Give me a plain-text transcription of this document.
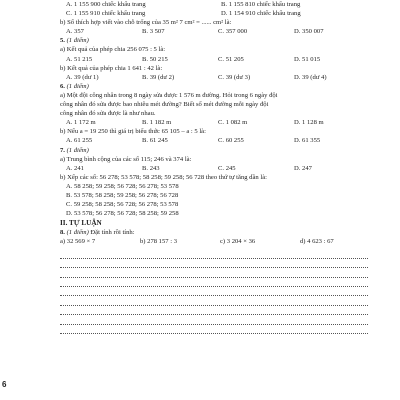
A. 1 155 900 chiếc khẩu trang	B. 1 155 810 chiếc khẩu trang
C. 1 155 910 chiếc khẩu trang	D. 1 154 910 chiếc khẩu trang
b) Số thích hợp viết vào chỗ trống của 35 m² 7 cm² = ...... cm² là:
A. 357	B. 3 507	C. 357 000	D. 350 007
5. (1 điểm)
a) Kết quả của phép chia 256 075 : 5 là:
A. 51 215	B. 50 215	C. 51 205	D. 51 015
b) Kết quả của phép chia 1 641 : 42 là:
A. 39 (dư 1)	B. 39 (dư 2)	C. 39 (dư 3)	D. 39 (dư 4)
6. (1 điểm)
a) Một đội công nhân trong 8 ngày sửa được 1 576 m đường. Hỏi trong 6 ngày đội
công nhân đó sửa được bao nhiêu mét đường? Biết số mét đường mỗi ngày đội
công nhân đó sửa được là như nhau.
A. 1 172 m	B. 1 182 m	C. 1 082 m	D. 1 128 m
b) Nếu a = 19 250 thì giá trị biểu thức 65 105 – a : 5 là:
A. 61 255	B. 61 245	C. 60 255	D. 61 355
7. (1 điểm)
a) Trung bình cộng của các số 115; 246 và 374 là:
A. 241	B. 243	C. 245	D. 247
b) Xếp các số: 56 278; 53 578; 58 258; 59 258; 56 728 theo thứ tự tăng dần là:
A. 58 258; 59 258; 56 728; 56 278; 53 578
B. 53 578; 58 258; 59 258; 56 278; 56 728
C. 59 258; 58 258; 56 728; 56 278; 53 578
D. 53 578; 56 278; 56 728; 58 258; 59 258
II. TỰ LUẬN
8. (1 điểm) Đặt tính rồi tính:
a) 32 569 × 7	b) 278 157 : 3	c) 3 204 × 36	d) 4 623 : 67
6
